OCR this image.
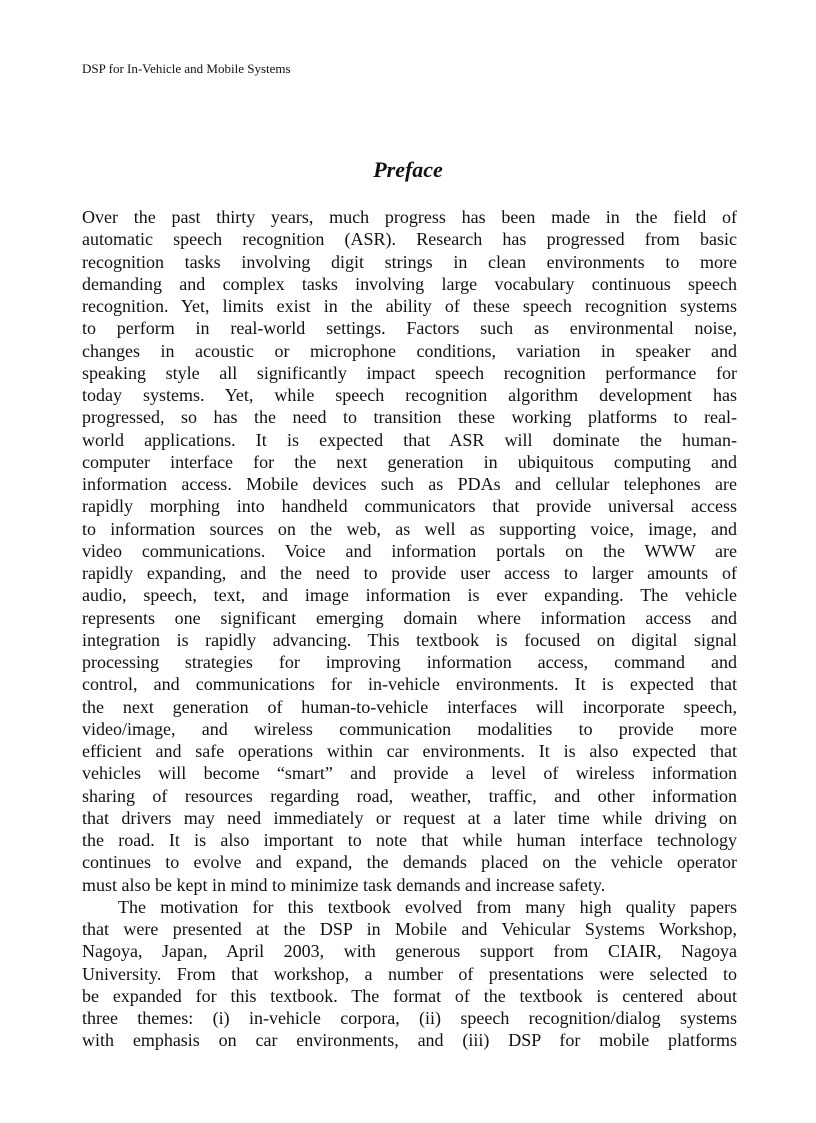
DSP for In-Vehicle and Mobile Systems
Preface
Over the past thirty years, much progress has been made in the field of
automatic speech recognition (ASR). Research has progressed from basic
recognition tasks involving digit strings in clean environments to more
demanding and complex tasks involving large vocabulary continuous speech
recognition. Yet, limits exist in the ability of these speech recognition systems
to perform in real-world settings. Factors such as environmental noise,
changes in acoustic or microphone conditions, variation in speaker and
speaking style all significantly impact speech recognition performance for
today systems. Yet, while speech recognition algorithm development has
progressed, so has the need to transition these working platforms to real-
world applications. It is expected that ASR will dominate the human-
computer interface for the next generation in ubiquitous computing and
information access. Mobile devices such as PDAs and cellular telephones are
rapidly morphing into handheld communicators that provide universal access
to information sources on the web, as well as supporting voice, image, and
video communications. Voice and information portals on the WWW are
rapidly expanding, and the need to provide user access to larger amounts of
audio, speech, text, and image information is ever expanding. The vehicle
represents one significant emerging domain where information access and
integration is rapidly advancing. This textbook is focused on digital signal
processing strategies for improving information access, command and
control, and communications for in-vehicle environments. It is expected that
the next generation of human-to-vehicle interfaces will incorporate speech,
video/image, and wireless communication modalities to provide more
efficient and safe operations within car environments. It is also expected that
vehicles will become “smart” and provide a level of wireless information
sharing of resources regarding road, weather, traffic, and other information
that drivers may need immediately or request at a later time while driving on
the road. It is also important to note that while human interface technology
continues to evolve and expand, the demands placed on the vehicle operator
must also be kept in mind to minimize task demands and increase safety.
The motivation for this textbook evolved from many high quality papers
that were presented at the DSP in Mobile and Vehicular Systems Workshop,
Nagoya, Japan, April 2003, with generous support from CIAIR, Nagoya
University. From that workshop, a number of presentations were selected to
be expanded for this textbook. The format of the textbook is centered about
three themes: (i) in-vehicle corpora, (ii) speech recognition/dialog systems
with emphasis on car environments, and (iii) DSP for mobile platforms
